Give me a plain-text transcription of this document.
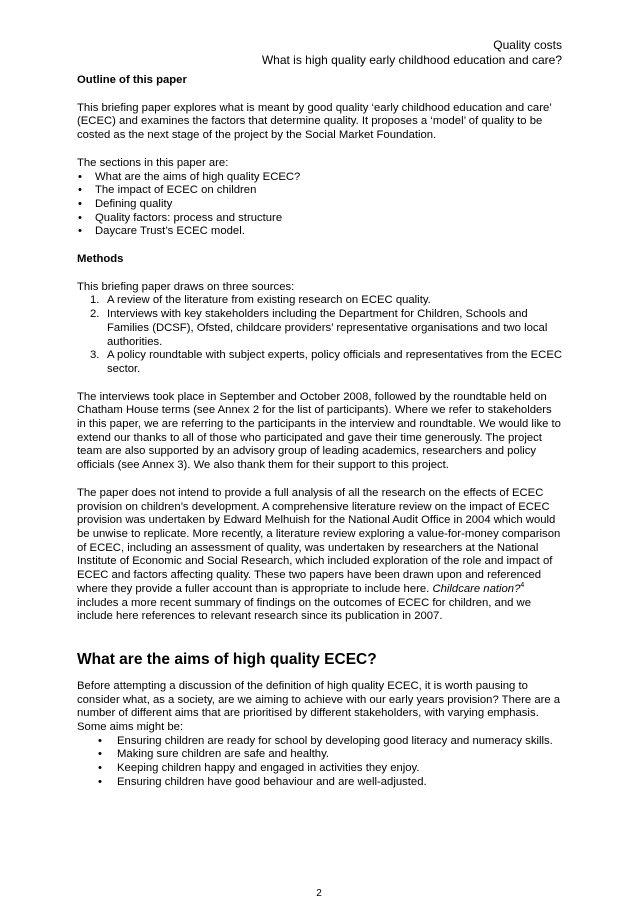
Quality costs
What is high quality early childhood education and care?

Outline of this paper

This briefing paper explores what is meant by good quality ‘early childhood education and care’ (ECEC) and examines the factors that determine quality. It proposes a ‘model’ of quality to be costed as the next stage of the project by the Social Market Foundation.

The sections in this paper are:

• What are the aims of high quality ECEC?
• The impact of ECEC on children
• Defining quality
• Quality factors: process and structure
• Daycare Trust’s ECEC model.

Methods

This briefing paper draws on three sources:

1. A review of the literature from existing research on ECEC quality.
2. Interviews with key stakeholders including the Department for Children, Schools and Families (DCSF), Ofsted, childcare providers’ representative organisations and two local authorities.
3. A policy roundtable with subject experts, policy officials and representatives from the ECEC sector.

The interviews took place in September and October 2008, followed by the roundtable held on Chatham House terms (see Annex 2 for the list of participants). Where we refer to stakeholders in this paper, we are referring to the participants in the interview and roundtable. We would like to extend our thanks to all of those who participated and gave their time generously. The project team are also supported by an advisory group of leading academics, researchers and policy officials (see Annex 3). We also thank them for their support to this project.

The paper does not intend to provide a full analysis of all the research on the effects of ECEC provision on children’s development. A comprehensive literature review on the impact of ECEC provision was undertaken by Edward Melhuish for the National Audit Office in 2004 which would be unwise to replicate. More recently, a literature review exploring a value-for-money comparison of ECEC, including an assessment of quality, was undertaken by researchers at the National Institute of Economic and Social Research, which included exploration of the role and impact of ECEC and factors affecting quality. These two papers have been drawn upon and referenced where they provide a fuller account than is appropriate to include here. Childcare nation?$^4$ includes a more recent summary of findings on the outcomes of ECEC for children, and we include here references to relevant research since its publication in 2007.

What are the aims of high quality ECEC?

Before attempting a discussion of the definition of high quality ECEC, it is worth pausing to consider what, as a society, are we aiming to achieve with our early years provision? There are a number of different aims that are prioritised by different stakeholders, with varying emphasis. Some aims might be:

• Ensuring children are ready for school by developing good literacy and numeracy skills.
• Making sure children are safe and healthy.
• Keeping children happy and engaged in activities they enjoy.
• Ensuring children have good behaviour and are well-adjusted.
2
